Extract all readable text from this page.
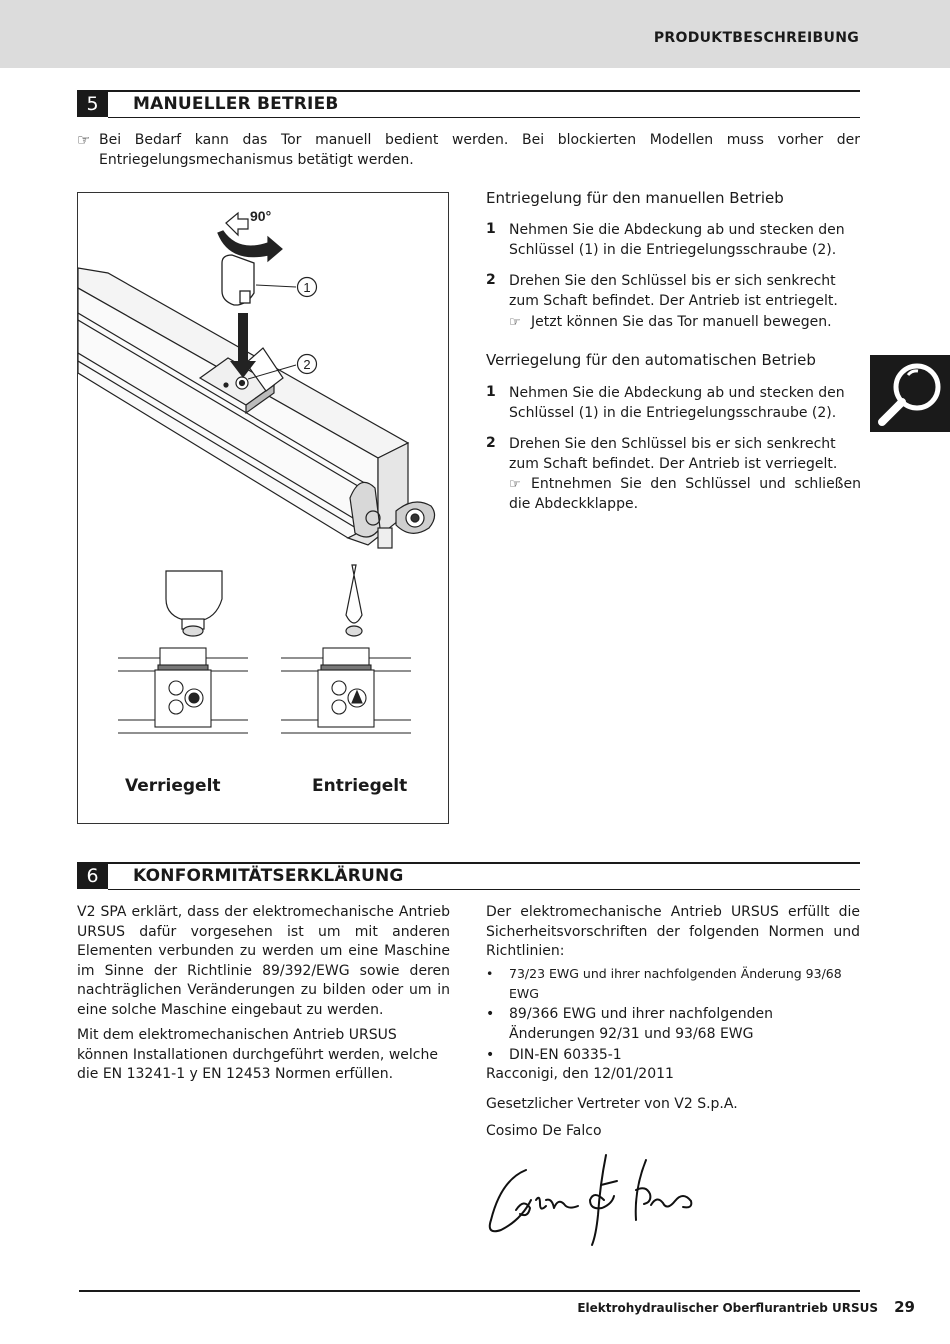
PRODUKTBESCHREIBUNG
5	MANUELLER BETRIEB
☞ Bei Bedarf kann das Tor manuell bedient werden. Bei blockierten Modellen muss vorher der Entriegelungsmechanismus betätigt werden.
90°
1
2
Verriegelt	Entriegelt
Entriegelung für den manuellen Betrieb
1 Nehmen Sie die Abdeckung ab und stecken den Schlüssel (1) in die Entriegelungsschraube (2).
2 Drehen Sie den Schlüssel bis er sich senkrecht zum Schaft befindet. Der Antrieb ist entriegelt.
☞ Jetzt können Sie das Tor manuell bewegen.
Verriegelung für den automatischen Betrieb
1 Nehmen Sie die Abdeckung ab und stecken den Schlüssel (1) in die Entriegelungsschraube (2).
2 Drehen Sie den Schlüssel bis er sich senkrecht zum Schaft befindet. Der Antrieb ist verriegelt.
☞ Entnehmen Sie den Schlüssel und schließen die Abdeckklappe.
6	KONFORMITÄTSERKLÄRUNG
V2 SPA erklärt, dass der elektromechanische Antrieb URSUS dafür vorgesehen ist um mit anderen Elementen verbunden zu werden um eine Maschine im Sinne der Richtlinie 89/392/EWG sowie deren nachträglichen Veränderungen zu bilden oder um in eine solche Maschine eingebaut zu werden.
Mit dem elektromechanischen Antrieb URSUS können Installationen durchgeführt werden, welche die EN 13241-1 y EN 12453 Normen erfüllen.
Der elektromechanische Antrieb URSUS erfüllt die Sicherheitsvorschriften der folgenden Normen und Richtlinien:
• 73/23 EWG und ihrer nachfolgenden Änderung 93/68 EWG
• 89/366 EWG und ihrer nachfolgenden Änderungen 92/31 und 93/68 EWG
• DIN-EN 60335-1
Racconigi, den 12/01/2011
Gesetzlicher Vertreter von V2 S.p.A.
Cosimo De Falco
Elektrohydraulischer Oberflurantrieb URSUS 29
